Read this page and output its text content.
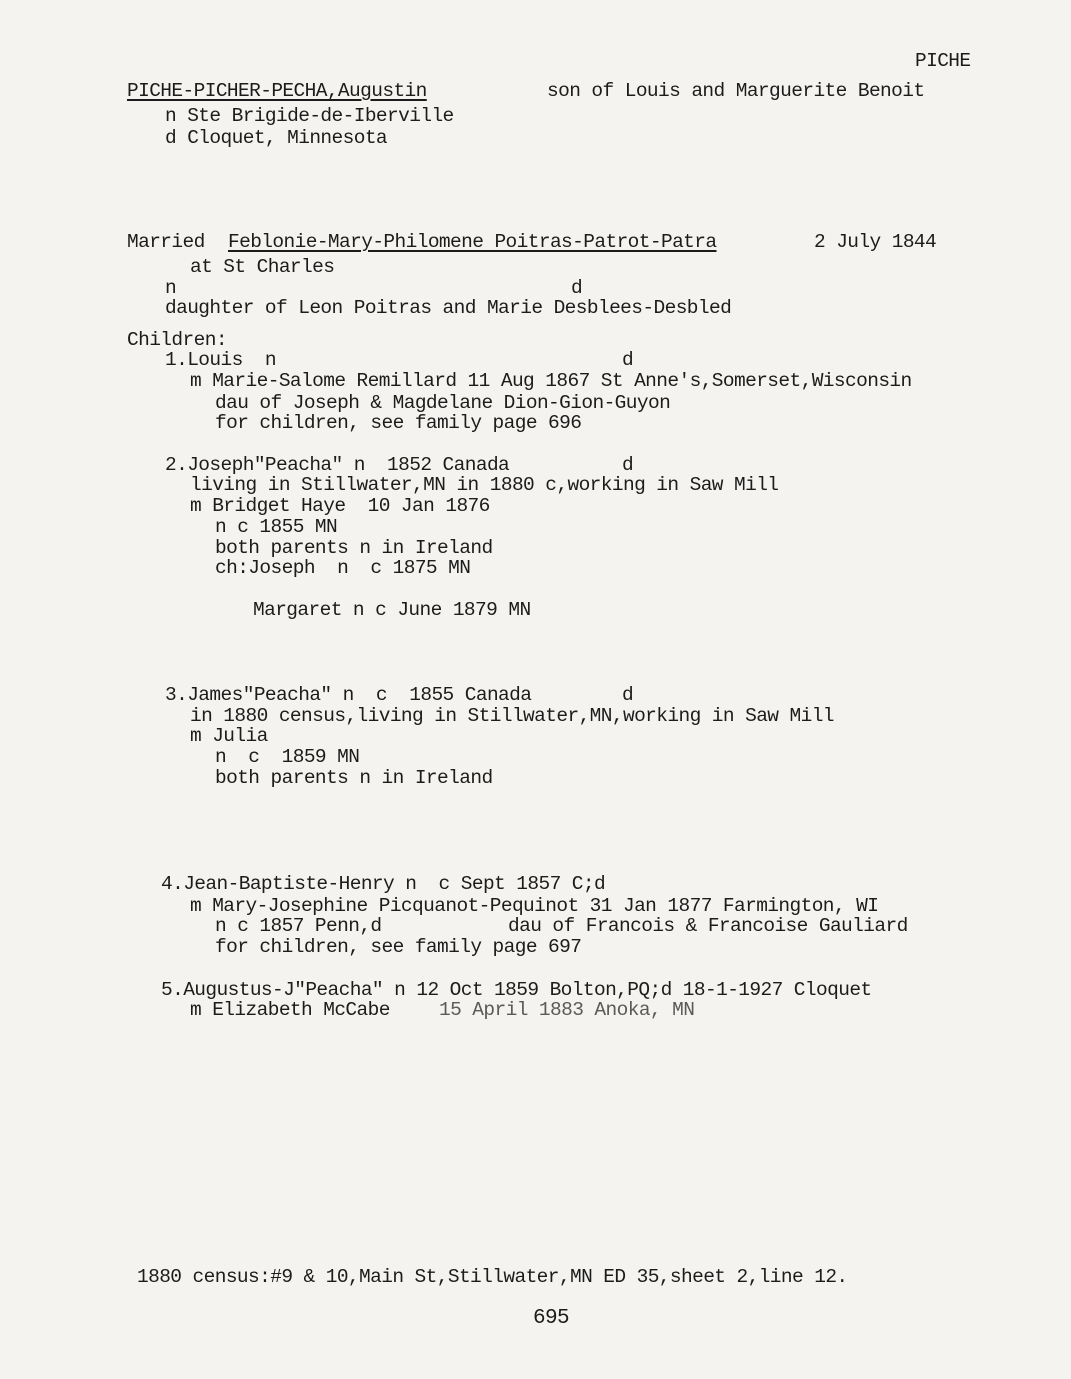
PICHE
PICHE-PICHER-PECHA,Augustin	son of Louis and Marguerite Benoit
n Ste Brigide-de-Iberville
d Cloquet, Minnesota
Married Feblonie-Mary-Philomene Poitras-Patrot-Patra	2 July 1844
at St Charles
n	d
daughter of Leon Poitras and Marie Desblees-Desbled
Children:
1.Louis  n	d
m Marie-Salome Remillard 11 Aug 1867 St Anne's,Somerset,Wisconsin
dau of Joseph & Magdelane Dion-Gion-Guyon
for children, see family page 696
2.Joseph"Peacha" n  1852 Canada	d
living in Stillwater,MN in 1880 c,working in Saw Mill
m Bridget Haye  10 Jan 1876
n c 1855 MN
both parents n in Ireland
ch:Joseph  n  c 1875 MN
Margaret n c June 1879 MN
3.James"Peacha" n  c  1855 Canada	d
in 1880 census,living in Stillwater,MN,working in Saw Mill
m Julia
n  c  1859 MN
both parents n in Ireland
4.Jean-Baptiste-Henry n  c Sept 1857 C;d
m Mary-Josephine Picquanot-Pequinot 31 Jan 1877 Farmington, WI
n c 1857 Penn,d	dau of Francois & Francoise Gauliard
for children, see family page 697
5.Augustus-J"Peacha" n 12 Oct 1859 Bolton,PQ;d 18-1-1927 Cloquet
m Elizabeth McCabe	15 April 1883 Anoka, MN
1880 census:#9 & 10,Main St,Stillwater,MN ED 35,sheet 2,line 12.
695
